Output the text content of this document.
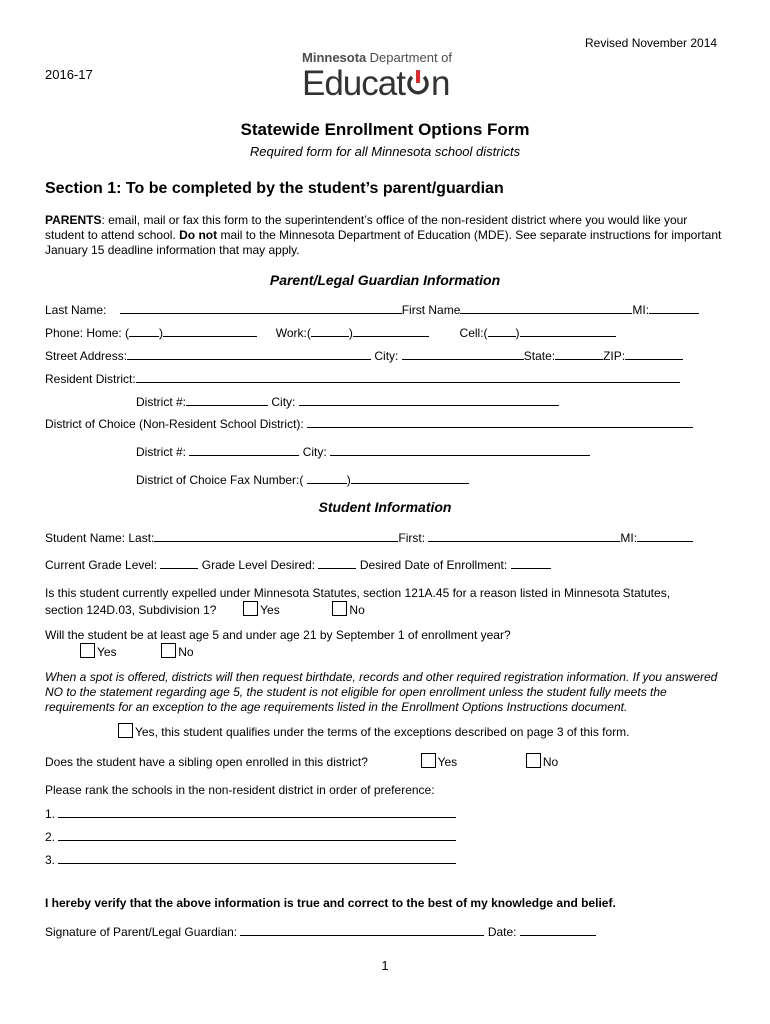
Revised November 2014
2016-17
Minnesota Department of
Educat n
Statewide Enrollment Options Form
Required form for all Minnesota school districts
Section 1: To be completed by the student’s parent/guardian
PARENTS: email, mail or fax this form to the superintendent’s office of the non-resident district where you would like your student to attend school. Do not mail to the Minnesota Department of Education (MDE). See separate instructions for important January 15 deadline information that may apply.
Parent/Legal Guardian Information
Last Name:	First Name	MI:
Phone: Home: (	)	Work:(	)	Cell:( )
Street Address:	City:	State:	ZIP:
Resident District:
District #:	City:
District of Choice (Non-Resident School District):
District #:	City:
District of Choice Fax Number:(	)
Student Information
Student Name: Last:	First:	MI:
Current Grade Level:	Grade Level Desired:	Desired Date of Enrollment:
Is this student currently expelled under Minnesota Statutes, section 121A.45 for a reason listed in Minnesota Statutes,
section 124D.03, Subdivision 1?	Yes	No
Will the student be at least age 5 and under age 21 by September 1 of enrollment year?
Yes	No
When a spot is offered, districts will then request birthdate, records and other required registration information. If you answered NO to the statement regarding age 5, the student is not eligible for open enrollment unless the student fully meets the requirements for an exception to the age requirements listed in the Enrollment Options Instructions document.
Yes, this student qualifies under the terms of the exceptions described on page 3 of this form.
Does the student have a sibling open enrolled in this district?	Yes	No
Please rank the schools in the non-resident district in order of preference:
1.
2.
3.
I hereby verify that the above information is true and correct to the best of my knowledge and belief.
Signature of Parent/Legal Guardian:	Date:
1
